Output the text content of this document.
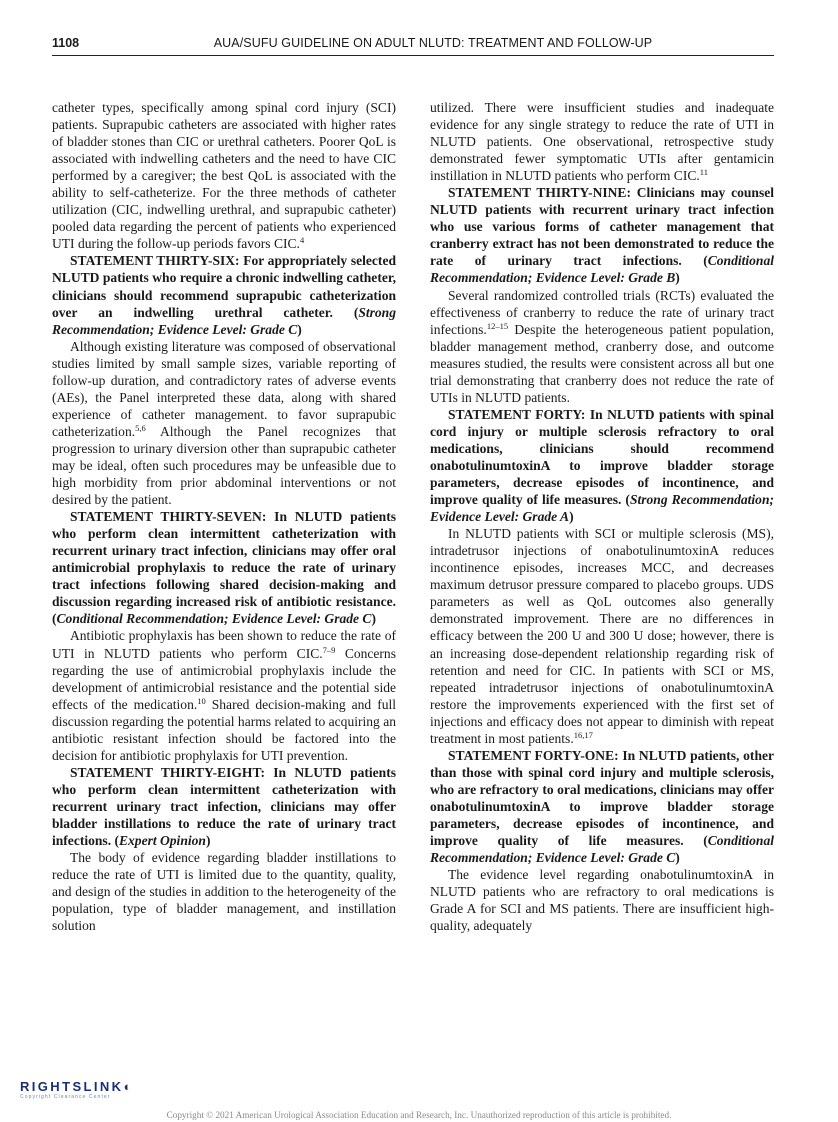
1108	AUA/SUFU GUIDELINE ON ADULT NLUTD: TREATMENT AND FOLLOW-UP

catheter types, specifically among spinal cord injury (SCI) patients. Suprapubic catheters are associated with higher rates of bladder stones than CIC or urethral catheters. Poorer QoL is associated with indwelling catheters and the need to have CIC performed by a caregiver; the best QoL is associated with the ability to self-catheterize. For the three methods of catheter utilization (CIC, indwelling urethral, and suprapubic catheter) pooled data regarding the percent of patients who experienced UTI during the follow-up periods favors CIC.$^4$

STATEMENT THIRTY-SIX: For appropriately selected NLUTD patients who require a chronic indwelling catheter, clinicians should recommend suprapubic catheterization over an indwelling urethral catheter. (Strong Recommendation; Evidence Level: Grade C)

Although existing literature was composed of observational studies limited by small sample sizes, variable reporting of follow-up duration, and contradictory rates of adverse events (AEs), the Panel interpreted these data, along with shared experience of catheter management. to favor suprapubic catheterization.$^{5,6}$ Although the Panel recognizes that progression to urinary diversion other than suprapubic catheter may be ideal, often such procedures may be unfeasible due to high morbidity from prior abdominal interventions or not desired by the patient.

STATEMENT THIRTY-SEVEN: In NLUTD patients who perform clean intermittent catheterization with recurrent urinary tract infection, clinicians may offer oral antimicrobial prophylaxis to reduce the rate of urinary tract infections following shared decision-making and discussion regarding increased risk of antibiotic resistance. (Conditional Recommendation; Evidence Level: Grade C)

Antibiotic prophylaxis has been shown to reduce the rate of UTI in NLUTD patients who perform CIC.$^{7-9}$ Concerns regarding the use of antimicrobial prophylaxis include the development of antimicrobial resistance and the potential side effects of the medication.$^{10}$ Shared decision-making and full discussion regarding the potential harms related to acquiring an antibiotic resistant infection should be factored into the decision for antibiotic prophylaxis for UTI prevention.

STATEMENT THIRTY-EIGHT: In NLUTD patients who perform clean intermittent catheterization with recurrent urinary tract infection, clinicians may offer bladder instillations to reduce the rate of urinary tract infections. (Expert Opinion)

The body of evidence regarding bladder instillations to reduce the rate of UTI is limited due to the quantity, quality, and design of the studies in addition to the heterogeneity of the population, type of bladder management, and instillation solution

utilized. There were insufficient studies and inadequate evidence for any single strategy to reduce the rate of UTI in NLUTD patients. One observational, retrospective study demonstrated fewer symptomatic UTIs after gentamicin instillation in NLUTD patients who perform CIC.$^{11}$

STATEMENT THIRTY-NINE: Clinicians may counsel NLUTD patients with recurrent urinary tract infection who use various forms of catheter management that cranberry extract has not been demonstrated to reduce the rate of urinary tract infections. (Conditional Recommendation; Evidence Level: Grade B)

Several randomized controlled trials (RCTs) evaluated the effectiveness of cranberry to reduce the rate of urinary tract infections.$^{12-15}$ Despite the heterogeneous patient population, bladder management method, cranberry dose, and outcome measures studied, the results were consistent across all but one trial demonstrating that cranberry does not reduce the rate of UTIs in NLUTD patients.

STATEMENT FORTY: In NLUTD patients with spinal cord injury or multiple sclerosis refractory to oral medications, clinicians should recommend onabotulinumtoxinA to improve bladder storage parameters, decrease episodes of incontinence, and improve quality of life measures. (Strong Recommendation; Evidence Level: Grade A)

In NLUTD patients with SCI or multiple sclerosis (MS), intradetrusor injections of onabotulinumtoxinA reduces incontinence episodes, increases MCC, and decreases maximum detrusor pressure compared to placebo groups. UDS parameters as well as QoL outcomes also generally demonstrated improvement. There are no differences in efficacy between the 200 U and 300 U dose; however, there is an increasing dose-dependent relationship regarding risk of retention and need for CIC. In patients with SCI or MS, repeated intradetrusor injections of onabotulinumtoxinA restore the improvements experienced with the first set of injections and efficacy does not appear to diminish with repeat treatment in most patients.$^{16,17}$

STATEMENT FORTY-ONE: In NLUTD patients, other than those with spinal cord injury and multiple sclerosis, who are refractory to oral medications, clinicians may offer onabotulinumtoxinA to improve bladder storage parameters, decrease episodes of incontinence, and improve quality of life measures. (Conditional Recommendation; Evidence Level: Grade C)

The evidence level regarding onabotulinumtoxinA in NLUTD patients who are refractory to oral medications is Grade A for SCI and MS patients. There are insufficient high-quality, adequately

RIGHTSLINK◐
Copyright Clearance Center
Copyright © 2021 American Urological Association Education and Research, Inc. Unauthorized reproduction of this article is prohibited.
